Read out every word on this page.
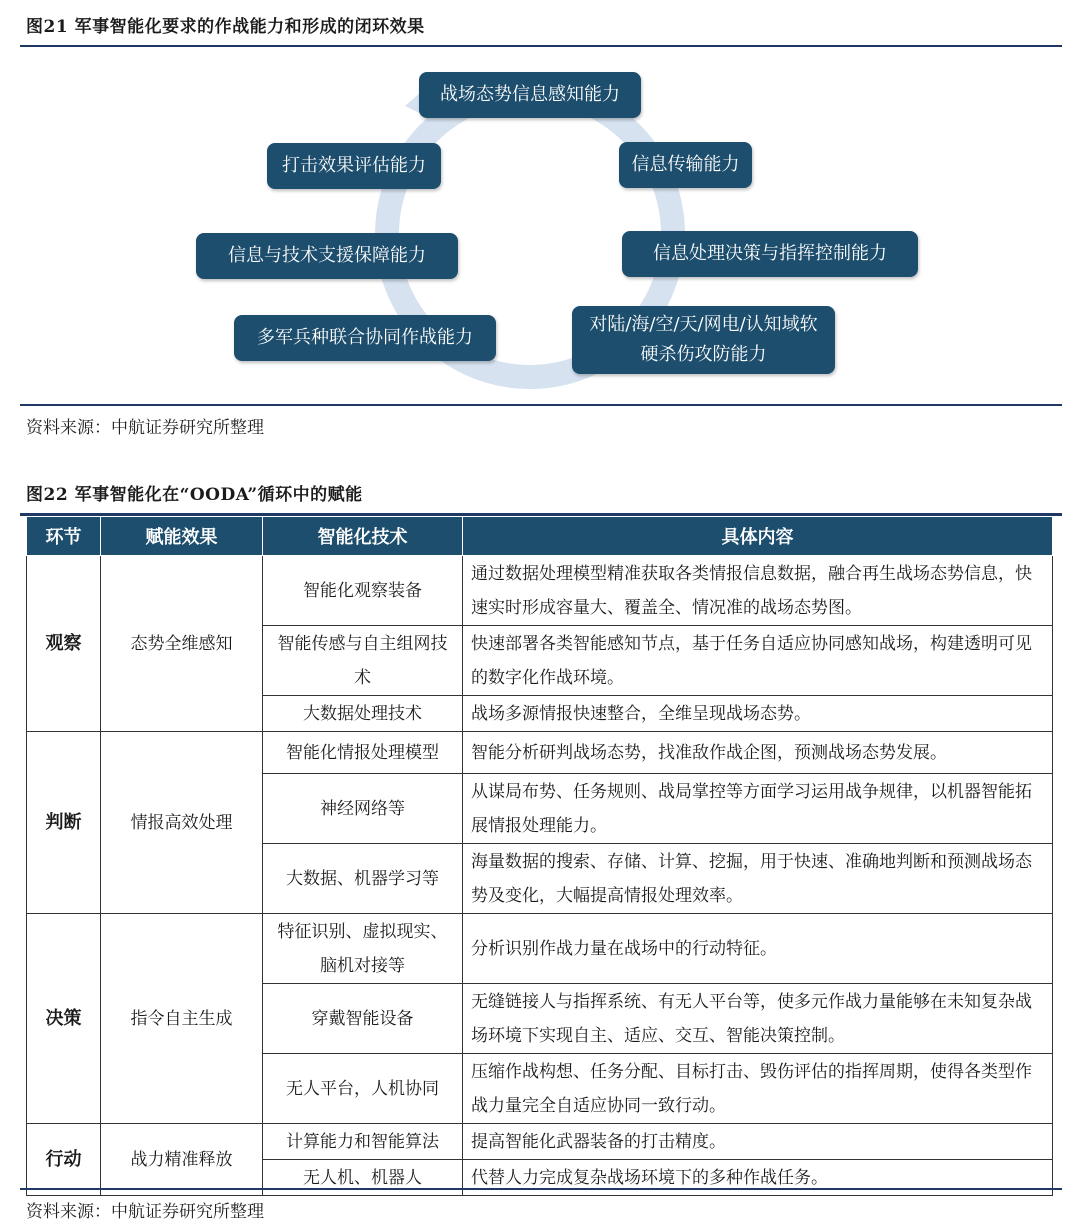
图21 军事智能化要求的作战能力和形成的闭环效果
战场态势信息感知能力
信息传输能力
信息处理决策与指挥控制能力
对陆/海/空/天/网电/认知域软
硬杀伤攻防能力
多军兵种联合协同作战能力
信息与技术支援保障能力
打击效果评估能力
资料来源：中航证券研究所整理
图22 军事智能化在“OODA”循环中的赋能
环节	赋能效果	智能化技术	具体内容
观察	态势全维感知	智能化观察装备	通过数据处理模型精准获取各类情报信息数据，融合再生战场态势信息，快速实时形成容量大、覆盖全、情况准的战场态势图。
		智能传感与自主组网技术	快速部署各类智能感知节点，基于任务自适应协同感知战场，构建透明可见的数字化作战环境。
		大数据处理技术	战场多源情报快速整合，全维呈现战场态势。
判断	情报高效处理	智能化情报处理模型	智能分析研判战场态势，找准敌作战企图，预测战场态势发展。
		神经网络等	从谋局布势、任务规则、战局掌控等方面学习运用战争规律，以机器智能拓展情报处理能力。
		大数据、机器学习等	海量数据的搜索、存储、计算、挖掘，用于快速、准确地判断和预测战场态势及变化，大幅提高情报处理效率。
决策	指令自主生成	特征识别、虚拟现实、脑机对接等	分析识别作战力量在战场中的行动特征。
		穿戴智能设备	无缝链接人与指挥系统、有无人平台等，使多元作战力量能够在未知复杂战场环境下实现自主、适应、交互、智能决策控制。
		无人平台，人机协同	压缩作战构想、任务分配、目标打击、毁伤评估的指挥周期，使得各类型作战力量完全自适应协同一致行动。
行动	战力精准释放	计算能力和智能算法	提高智能化武器装备的打击精度。
		无人机、机器人	代替人力完成复杂战场环境下的多种作战任务。
资料来源：中航证券研究所整理
